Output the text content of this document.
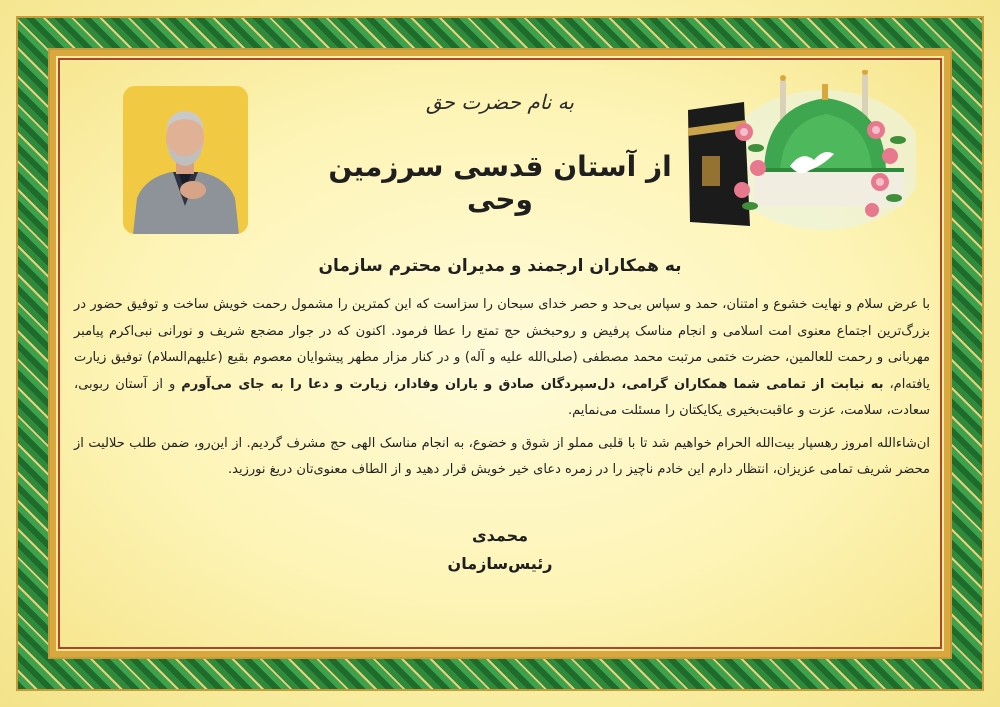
به نام حضرت حق
از آستان قدسی سرزمین وحی
به همکاران ارجمند و مدیران محترم سازمان

با عرض سلام و نهایت خشوع و امتنان، حمد و سپاس بی‌حد و حصر خدای سبحان را سزاست که این کمترین را مشمول رحمت خویش ساخت و توفیق حضور در بزرگ‌ترین اجتماع معنوی امت اسلامی و انجام مناسک پرفیض و روحبخش حج تمتع را عطا فرمود. اکنون که در جوار مضجع شریف و نورانی نبی‌اکرم پیامبر مهربانی و رحمت للعالمین، حضرت ختمی مرتبت محمد مصطفی (صلی‌الله علیه و آله) و در کنار مزار مطهر پیشوایان معصوم بقیع (علیهم‌السلام) توفیق زیارت یافته‌ام، به نیابت از تمامی شما همکاران گرامی، دل‌سپردگان صادق و یاران وفادار، زیارت و دعا را به جای می‌آورم و از آستان ربوبی، سعادت، سلامت، عزت و عاقبت‌بخیری یکایکتان را مسئلت می‌نمایم.

ان‌شاءالله امروز رهسپار بیت‌الله الحرام خواهیم شد تا با قلبی مملو از شوق و خضوع، به انجام مناسک الهی حج مشرف گردیم. از این‌رو، ضمن طلب حلالیت از محضر شریف تمامی عزیزان، انتظار دارم این خادم ناچیز را در زمره دعای خیر خویش قرار دهید و از الطاف معنوی‌تان دریغ نورزید.

محمدی
رئیس‌سازمان
